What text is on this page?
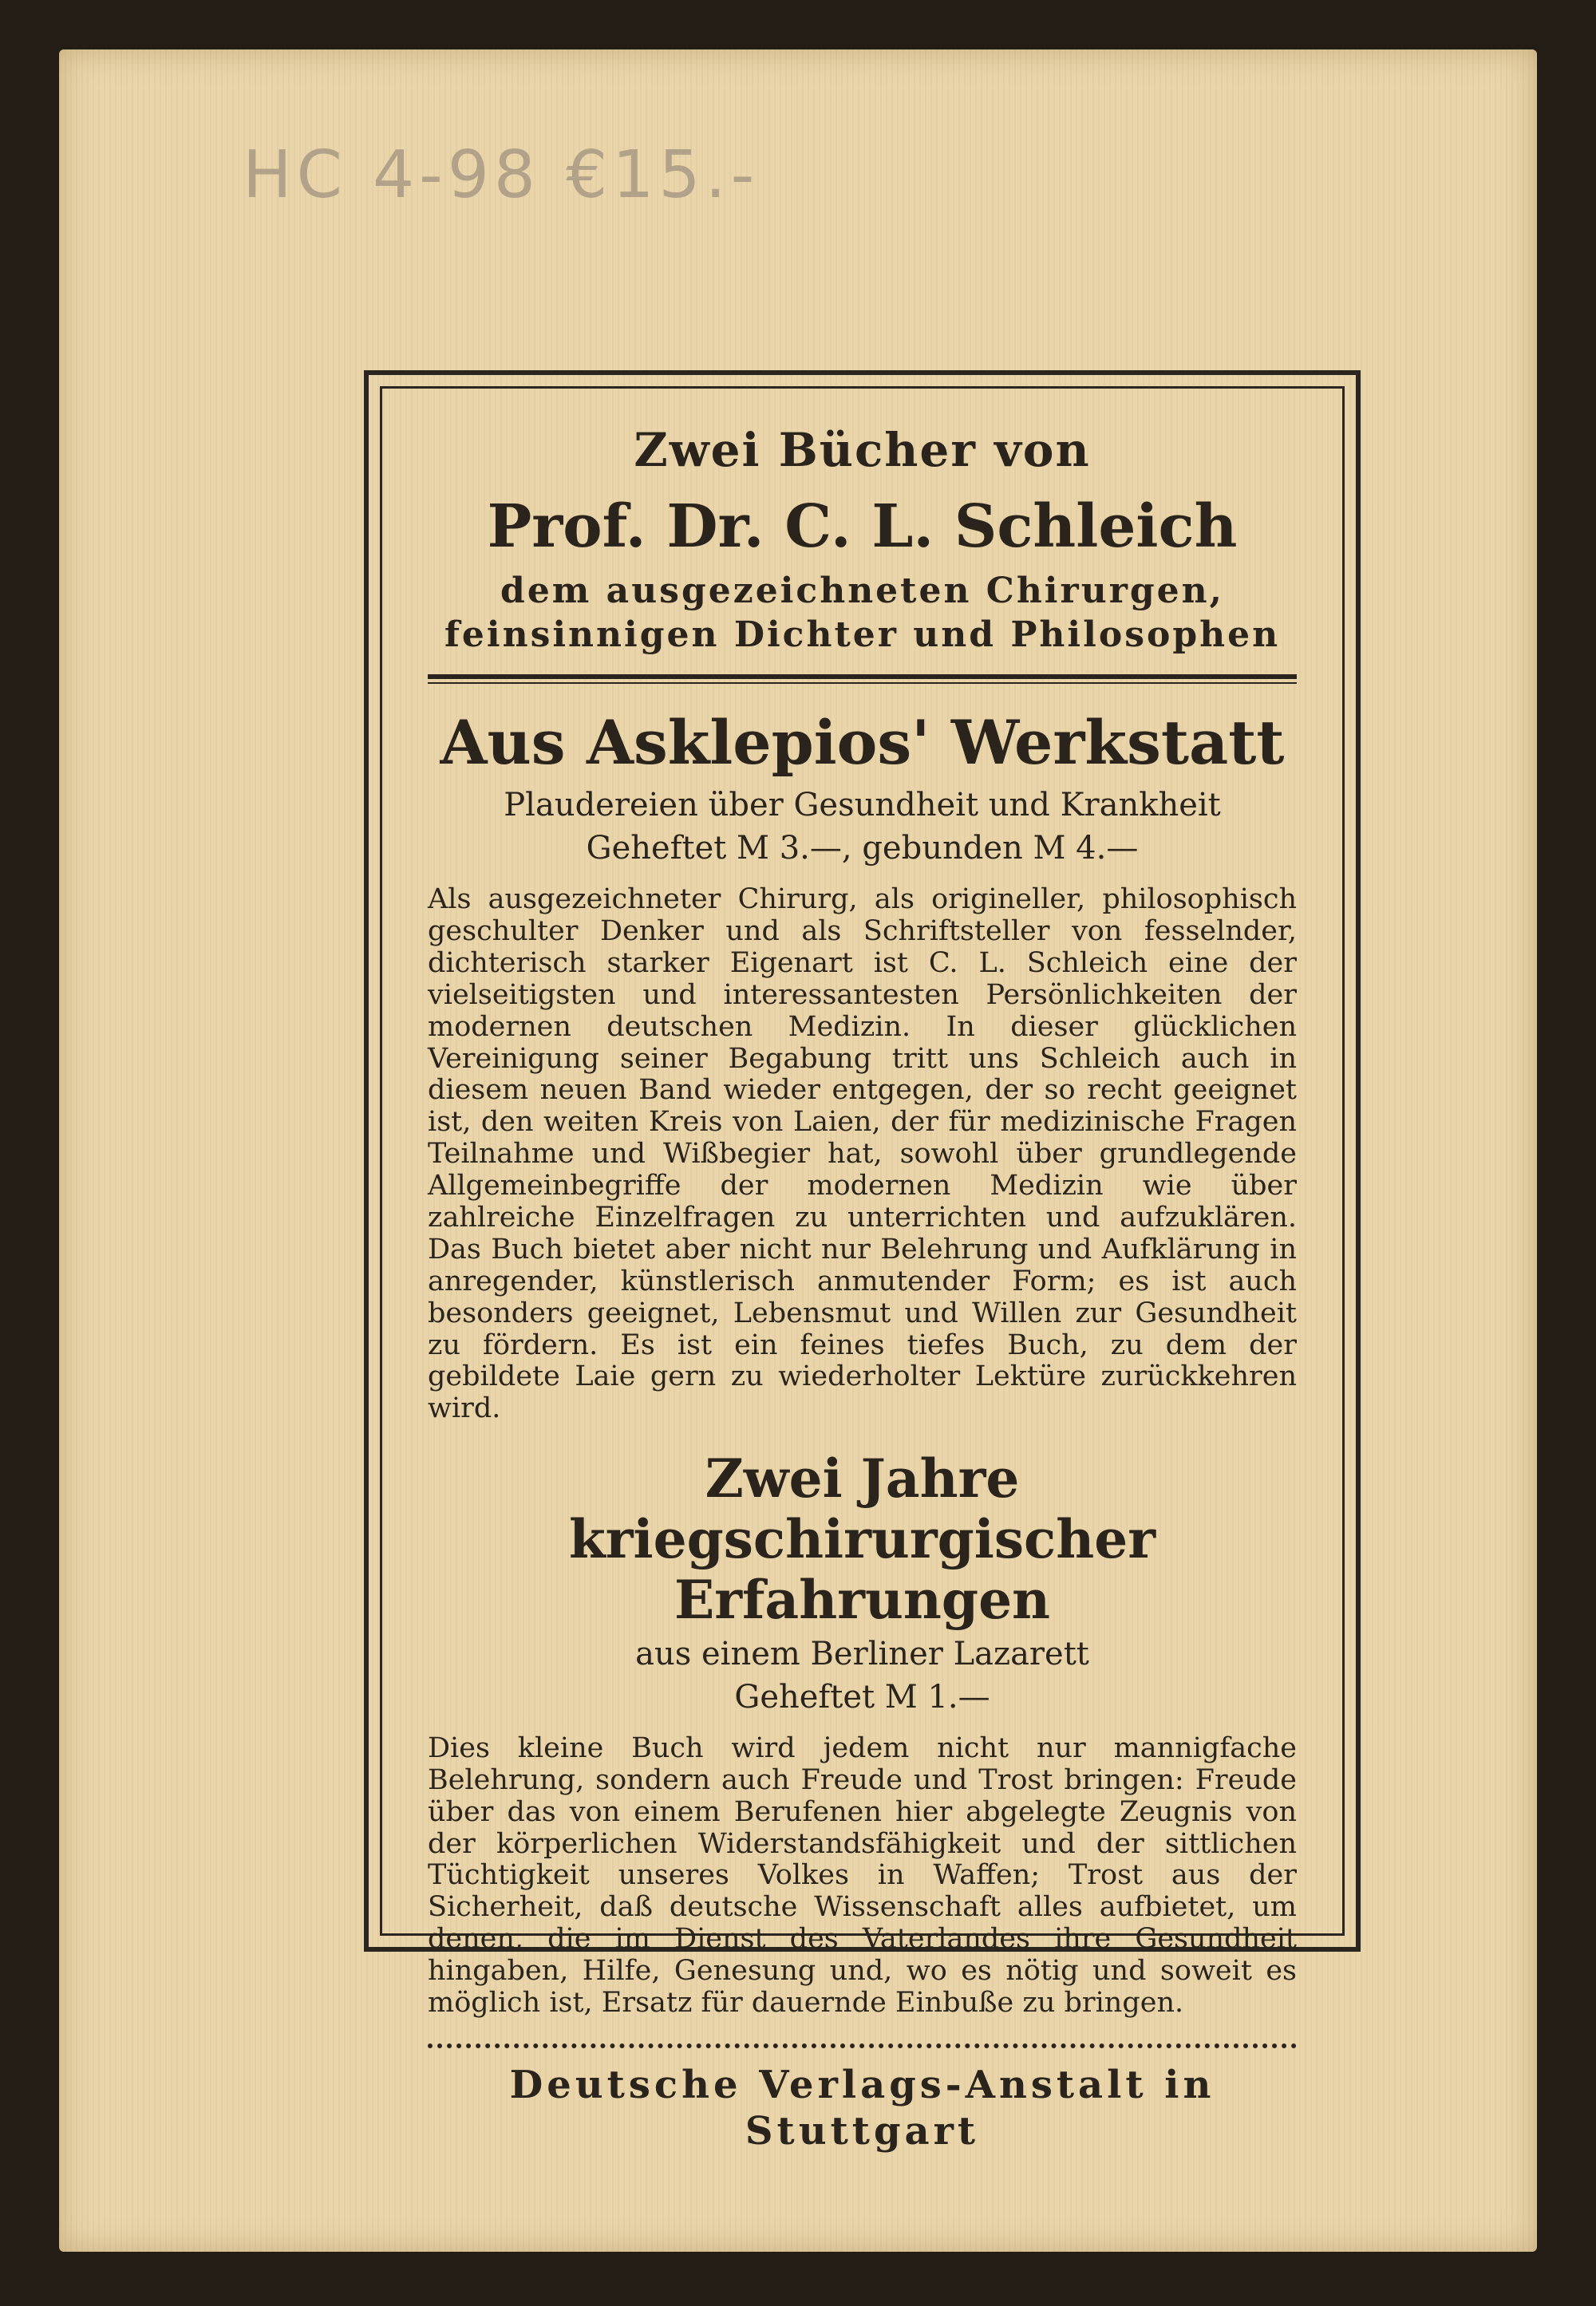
HC 4-98 €15.-

Zwei Bücher von

Prof. Dr. C. L. Schleich

dem ausgezeichneten Chirurgen,

feinsinnigen Dichter und Philosophen

Aus Asklepios' Werkstatt

Plaudereien über Gesundheit und Krankheit

Geheftet M 3.—, gebunden M 4.—

Als ausgezeichneter Chirurg, als origineller, philosophisch geschulter Denker und als Schriftsteller von fesselnder, dichterisch starker Eigenart ist C. L. Schleich eine der vielseitigsten und interessantesten Persönlichkeiten der modernen deutschen Medizin. In dieser glücklichen Vereinigung seiner Begabung tritt uns Schleich auch in diesem neuen Band wieder entgegen, der so recht geeignet ist, den weiten Kreis von Laien, der für medizinische Fragen Teilnahme und Wißbegier hat, sowohl über grundlegende Allgemeinbegriffe der modernen Medizin wie über zahlreiche Einzelfragen zu unterrichten und aufzuklären. Das Buch bietet aber nicht nur Belehrung und Aufklärung in anregender, künstlerisch anmutender Form; es ist auch besonders geeignet, Lebensmut und Willen zur Gesundheit zu fördern. Es ist ein feines tiefes Buch, zu dem der gebildete Laie gern zu wiederholter Lektüre zurückkehren wird.

Zwei Jahre

kriegschirurgischer Erfahrungen

aus einem Berliner Lazarett

Geheftet M 1.—

Dies kleine Buch wird jedem nicht nur mannigfache Belehrung, sondern auch Freude und Trost bringen: Freude über das von einem Berufenen hier abgelegte Zeugnis von der körperlichen Widerstandsfähigkeit und der sittlichen Tüchtigkeit unseres Volkes in Waffen; Trost aus der Sicherheit, daß deutsche Wissenschaft alles aufbietet, um denen, die im Dienst des Vaterlandes ihre Gesundheit hingaben, Hilfe, Genesung und, wo es nötig und soweit es möglich ist, Ersatz für dauernde Einbuße zu bringen.

Deutsche Verlags-Anstalt in Stuttgart
